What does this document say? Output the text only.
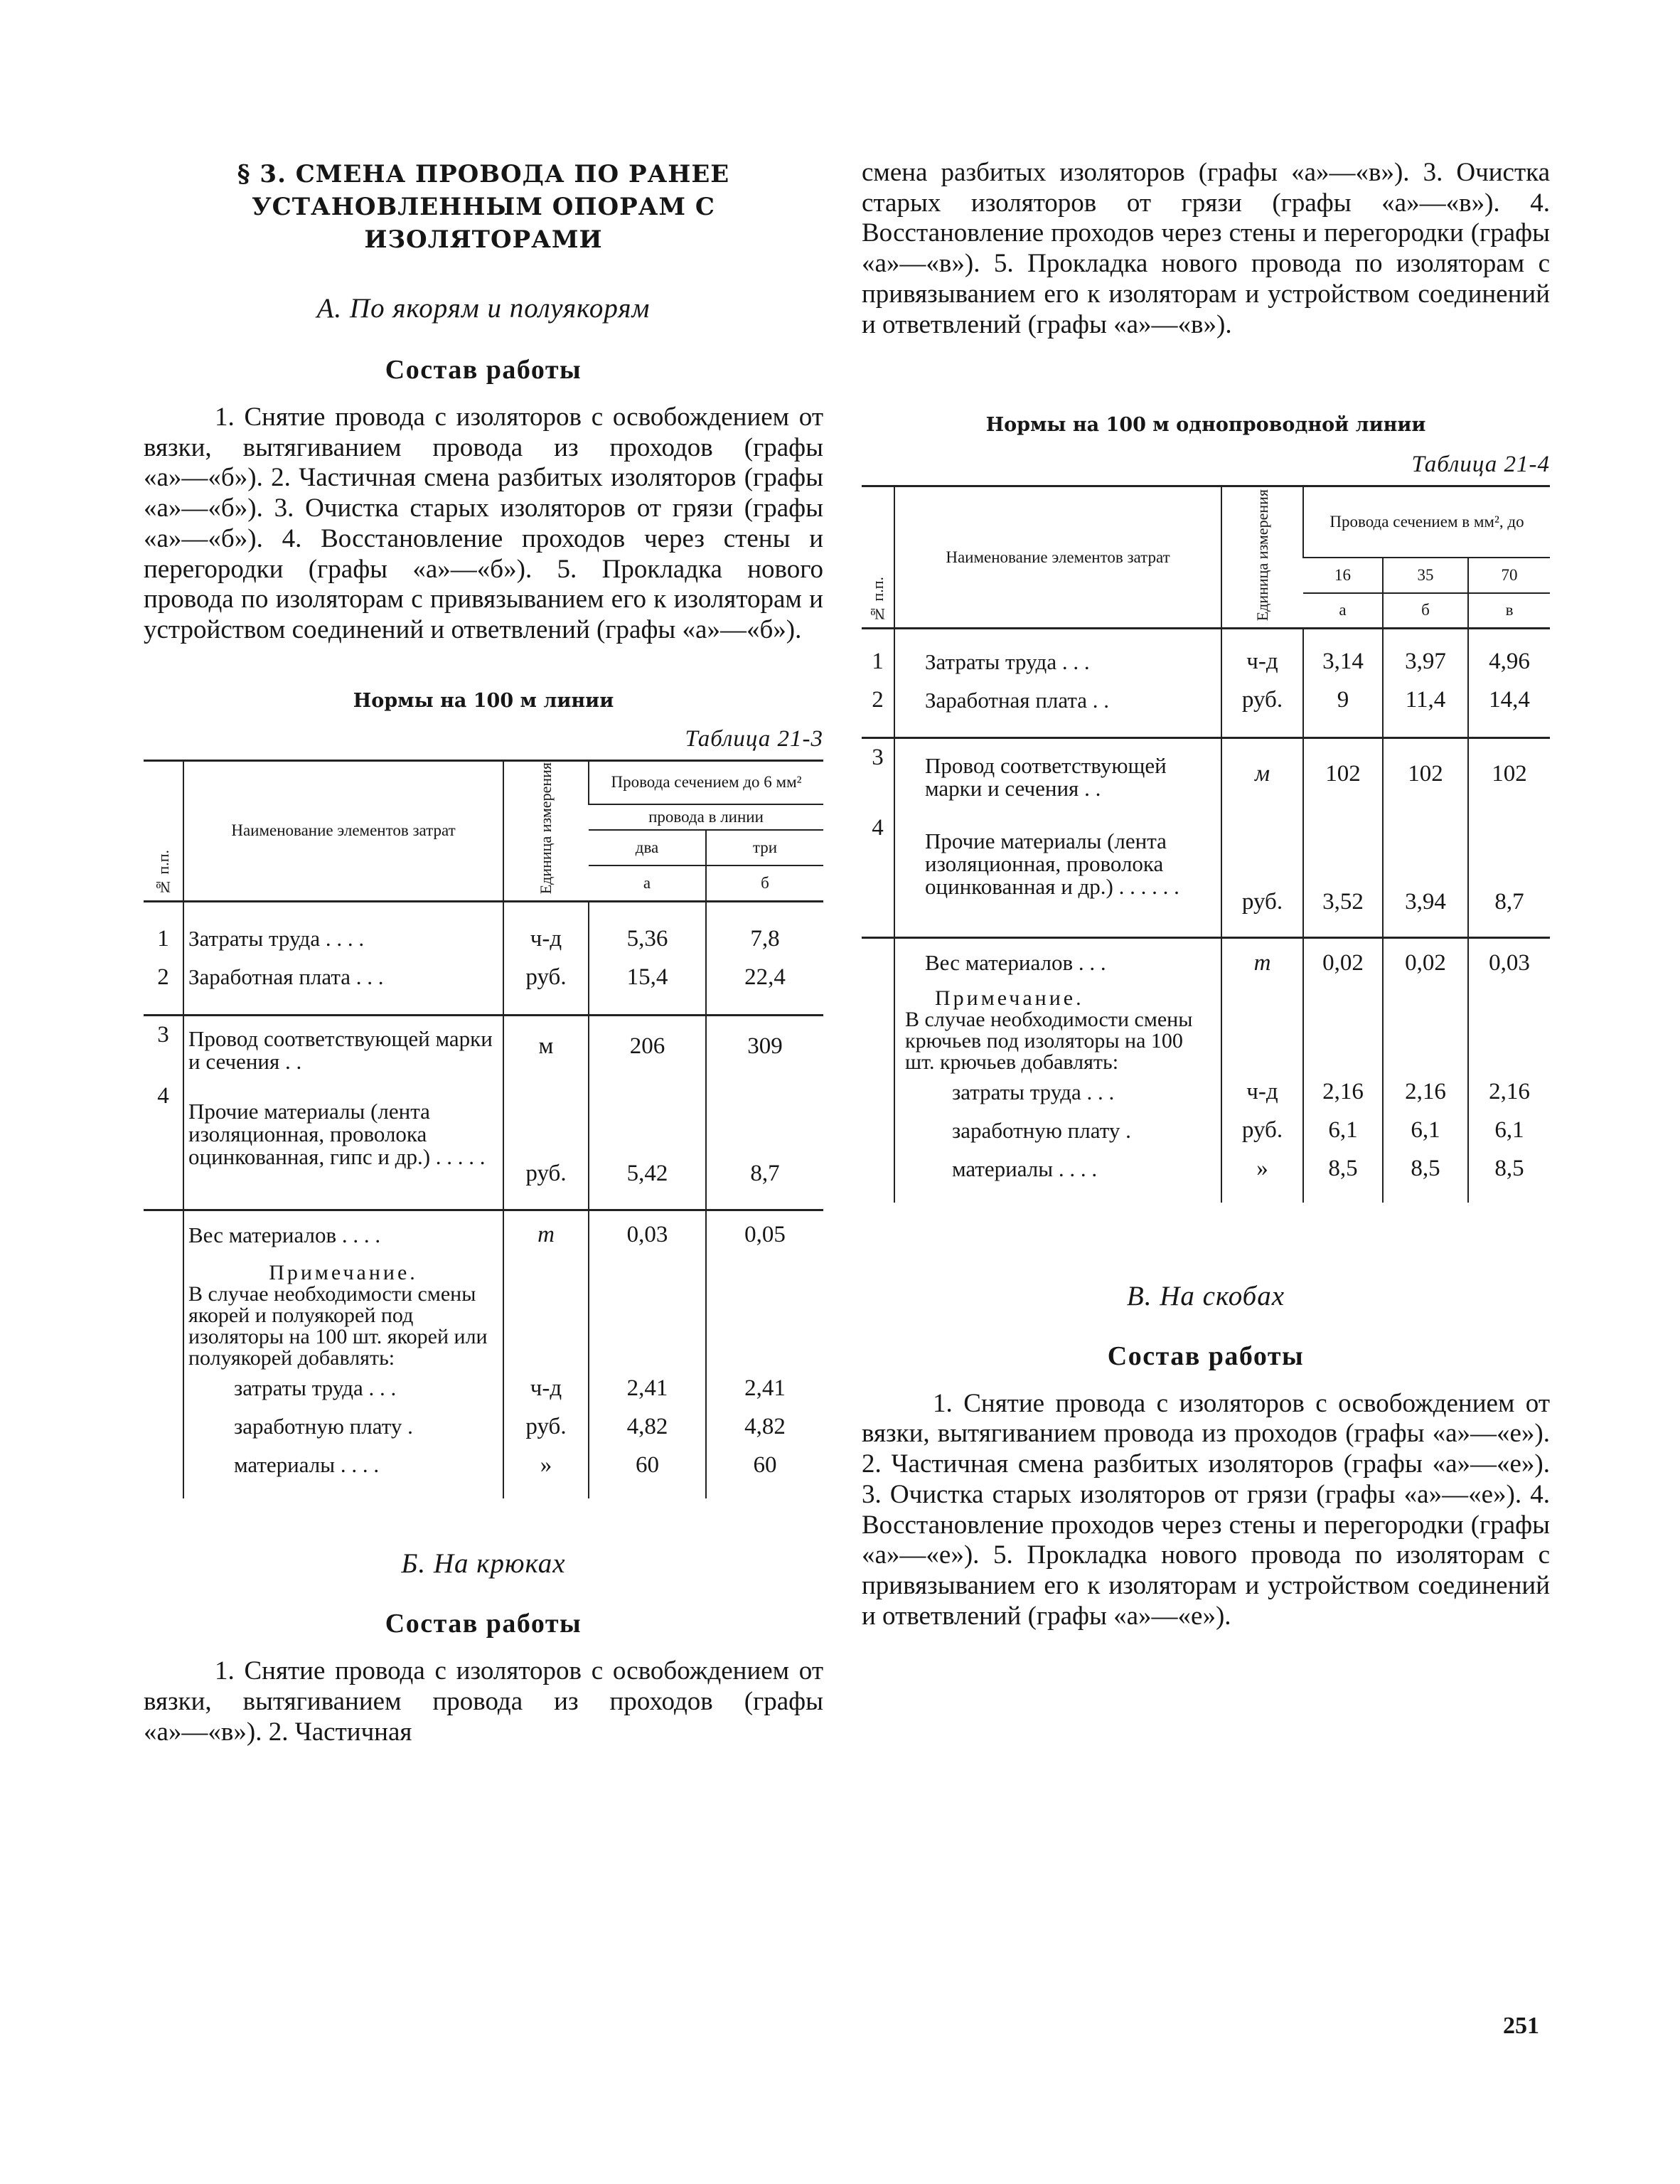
§ 3. СМЕНА ПРОВОДА ПО РАНЕЕ УСТАНОВЛЕННЫМ ОПОРАМ С ИЗОЛЯТОРАМИ

А. По якорям и полуякорям

Состав работы

1. Снятие провода с изоляторов с освобождением от вязки, вытягиванием провода из проходов (графы «а»—«б»). 2. Частичная смена разбитых изоляторов (графы «а»—«б»). 3. Очистка старых изоляторов от грязи (графы «а»—«б»). 4. Восстановление проходов через стены и перегородки (графы «а»—«б»). 5. Прокладка нового провода по изоляторам с привязыванием его к изоляторам и устройством соединений и ответвлений (графы «а»—«б»).

Нормы на 100 м линии

Таблица 21-3

№ п.п.	Наименование элементов затрат	Единица измерения	Провода сечением до 6 мм²	
			провода в линии	
			два	три
			а	б

1	Затраты труда . . . .	ч-д	5,36	7,8
2	Заработная плата . . .	руб.	15,4	22,4

3	Провод соответствующей марки и сечения . .	м	206	309
4	Прочие материалы (лента изоляционная, проволока оцинкованная, гипс и др.) . . . . .	руб.	5,42	8,7

	Вес материалов . . . .	т	0,03	0,05

	Примечание.
В случае необходимости смены якорей и полуякорей под изоляторы на 100 шт. якорей или полуякорей добавлять:			

	затраты труда . . .	ч-д	2,41	2,41
	заработную плату .	руб.	4,82	4,82
	материалы . . . .	»	60	60

Б. На крюках

Состав работы

1. Снятие провода с изоляторов с освобождением от вязки, вытягиванием провода из проходов (графы «а»—«в»). 2. Частичная

смена разбитых изоляторов (графы «а»—«в»). 3. Очистка старых изоляторов от грязи (графы «а»—«в»). 4. Восстановление проходов через стены и перегородки (графы «а»—«в»). 5. Прокладка нового провода по изоляторам с привязыванием его к изоляторам и устройством соединений и ответвлений (графы «а»—«в»).

Нормы на 100 м однопроводной линии

Таблица 21-4

№ п.п.	Наименование элементов затрат	Единица измерения	Провода сечением в мм², до		
			16	35	70
			а	б	в

1	Затраты труда . . .	ч-д	3,14	3,97	4,96
2	Заработная плата . .	руб.	9	11,4	14,4

3	Провод соответствующей марки и сечения . .	м	102	102	102
4	Прочие материалы (лента изоляционная, проволока оцинкованная и др.) . . . . . .	руб.	3,52	3,94	8,7

	Вес материалов . . .	т	0,02	0,02	0,03

	Примечание.
В случае необходимости смены крючьев под изоляторы на 100 шт. крючьев добавлять:				

	затраты труда . . .	ч-д	2,16	2,16	2,16
	заработную плату .	руб.	6,1	6,1	6,1
	материалы . . . .	»	8,5	8,5	8,5

В. На скобах

Состав работы

1. Снятие провода с изоляторов с освобождением от вязки, вытягиванием провода из проходов (графы «а»—«е»). 2. Частичная смена разбитых изоляторов (графы «а»—«е»). 3. Очистка старых изоляторов от грязи (графы «а»—«е»). 4. Восстановление проходов через стены и перегородки (графы «а»—«е»). 5. Прокладка нового провода по изоляторам с привязыванием его к изоляторам и устройством соединений и ответвлений (графы «а»—«е»).

251
